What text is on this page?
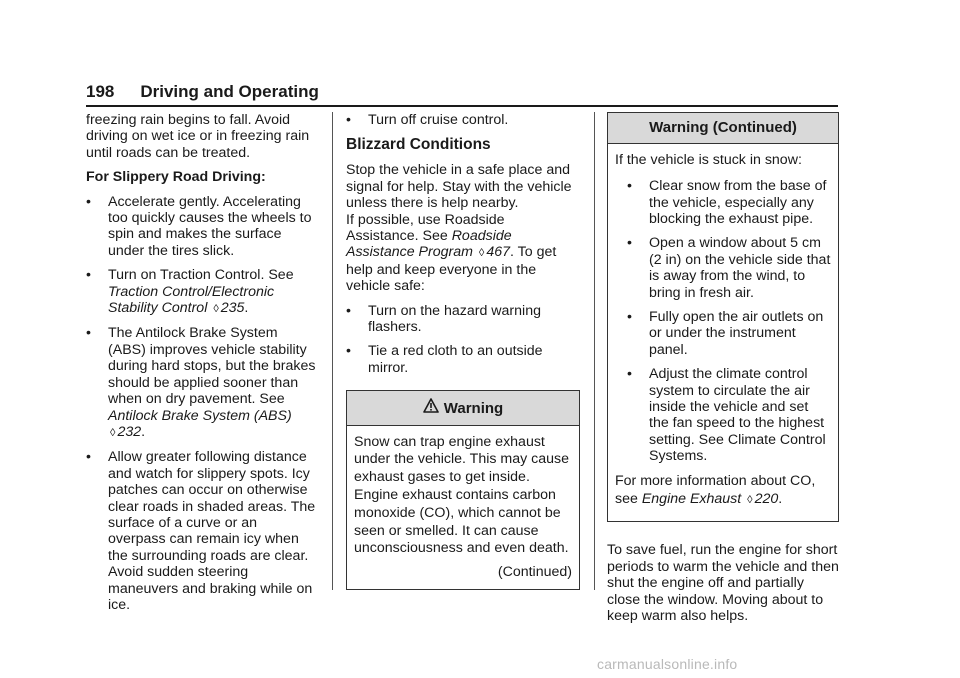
198 Driving and Operating

freezing rain begins to fall. Avoid driving on wet ice or in freezing rain until roads can be treated.

For Slippery Road Driving:

•	Accelerate gently. Accelerating too quickly causes the wheels to spin and makes the surface under the tires slick.
•	Turn on Traction Control. See Traction Control/Electronic Stability Control ◊ 235.
•	The Antilock Brake System (ABS) improves vehicle stability during hard stops, but the brakes should be applied sooner than when on dry pavement. See Antilock Brake System (ABS) ◊ 232.
•	Allow greater following distance and watch for slippery spots. Icy patches can occur on otherwise clear roads in shaded areas. The surface of a curve or an overpass can remain icy when the surrounding roads are clear. Avoid sudden steering maneuvers and braking while on ice.
•	Turn off cruise control.
Blizzard Conditions

Stop the vehicle in a safe place and signal for help. Stay with the vehicle unless there is help nearby.

If possible, use Roadside Assistance. See Roadside Assistance Program ◊ 467. To get help and keep everyone in the vehicle safe:

•	Turn on the hazard warning flashers.
•	Tie a red cloth to an outside mirror.
Warning

Snow can trap engine exhaust under the vehicle. This may cause exhaust gases to get inside. Engine exhaust contains carbon monoxide (CO), which cannot be seen or smelled. It can cause unconsciousness and even death.

(Continued)
Warning (Continued)

If the vehicle is stuck in snow:

•	Clear snow from the base of the vehicle, especially any blocking the exhaust pipe.
•	Open a window about 5 cm (2 in) on the vehicle side that is away from the wind, to bring in fresh air.
•	Fully open the air outlets on or under the instrument panel.
•	Adjust the climate control system to circulate the air inside the vehicle and set the fan speed to the highest setting. See Climate Control Systems.

For more information about CO, see Engine Exhaust ◊ 220.

To save fuel, run the engine for short periods to warm the vehicle and then shut the engine off and partially close the window. Moving about to keep warm also helps.

carmanualsonline.info
